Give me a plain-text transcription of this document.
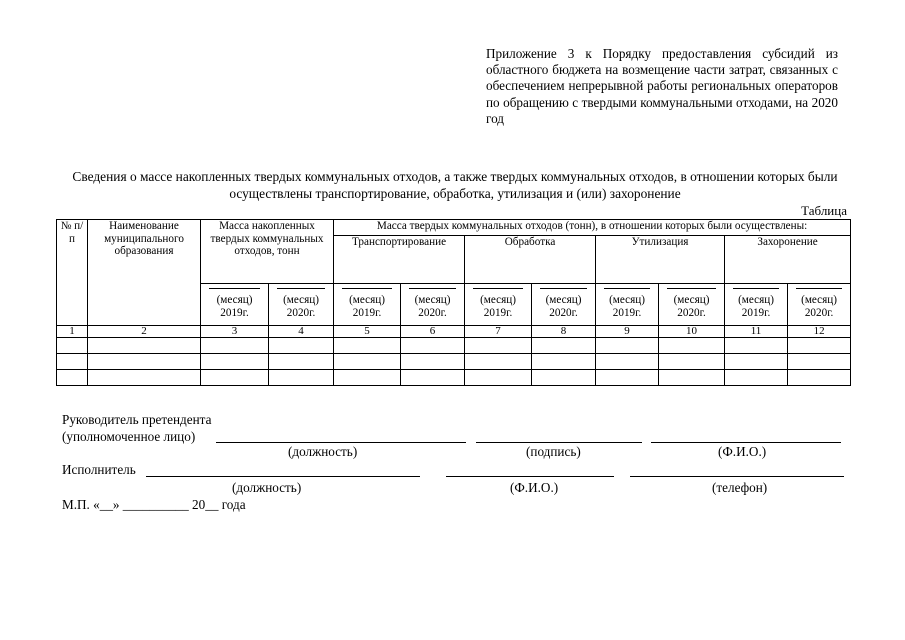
Приложение 3 к Порядку предоставления субсидий из областного бюджета на возмещение части затрат, связанных с обеспечением непрерывной работы региональных операторов по обращению с твердыми коммунальными отходами, на 2020 год
Сведения о массе накопленных твердых коммунальных отходов, а также твердых коммунальных отходов, в отношении которых были осуществлены транспортирование, обработка, утилизация и (или) захоронение
Таблица
№ п/п	Наименование муниципального образования	Масса накопленных твердых коммунальных отходов, тонн		Масса твердых коммунальных отходов (тонн), в отношении которых были осуществлены:							
				Транспортирование		Обработка		Утилизация		Захоронение	

		(месяц) 2019г.	(месяц) 2020г.	(месяц) 2019г.	(месяц) 2020г.	(месяц) 2019г.	(месяц) 2020г.	(месяц) 2019г.	(месяц) 2020г.	(месяц) 2019г.	(месяц) 2020г.

1	2	3	4	5	6	7	8	9	10	11	12

Руководитель претендента
(уполномоченное лицо)
(должность)	(подпись)	(Ф.И.О.)
Исполнитель
(должность)	(Ф.И.О.)	(телефон)
М.П. «__» __________ 20__ года
